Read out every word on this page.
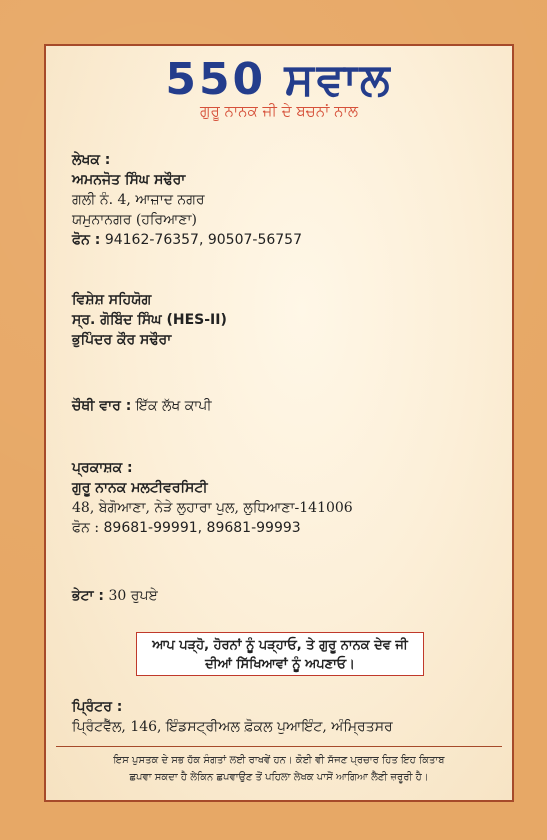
550 ਸਵਾਲ
ਗੁਰੂ ਨਾਨਕ ਜੀ ਦੇ ਬਚਨਾਂ ਨਾਲ
ਲੇਖਕ :
ਅਮਨਜੋਤ ਸਿੰਘ ਸਢੌਰਾ
ਗਲੀ ਨੰ. 4, ਆਜ਼ਾਦ ਨਗਰ
ਯਮੁਨਾਨਗਰ (ਹਰਿਆਣਾ)
ਫੋਨ : 94162-76357, 90507-56757
ਵਿਸ਼ੇਸ਼ ਸਹਿਯੋਗ
ਸ੍ਰ. ਗੋਬਿੰਦ ਸਿੰਘ (HES-II)
ਭੁਪਿੰਦਰ ਕੌਰ ਸਢੌਰਾ
ਚੌਥੀ ਵਾਰ : ਇੱਕ ਲੱਖ ਕਾਪੀ
ਪ੍ਰਕਾਸ਼ਕ :
ਗੁਰੂ ਨਾਨਕ ਮਲਟੀਵਰਸਿਟੀ
48, ਬੇਗੋਆਣਾ, ਨੇੜੇ ਲੁਹਾਰਾ ਪੁਲ, ਲੁਧਿਆਣਾ-141006
ਫੋਨ : 89681-99991, 89681-99993
ਭੇਟਾ : 30 ਰੁਪਏ
ਆਪ ਪੜ੍ਹੋ, ਹੋਰਨਾਂ ਨੂੰ ਪੜ੍ਹਾਓ, ਤੇ ਗੁਰੂ ਨਾਨਕ ਦੇਵ ਜੀ
ਦੀਆਂ ਸਿੱਖਿਆਵਾਂ ਨੂੰ ਅਪਣਾਓ।
ਪ੍ਰਿੰਟਰ :
ਪ੍ਰਿੰਟਵੈੱਲ, 146, ਇੰਡਸਟ੍ਰੀਅਲ ਫ਼ੋਕਲ ਪੁਆਇੰਟ, ਅੰਮ੍ਰਿਤਸਰ
ਇਸ ਪੁਸਤਕ ਦੇ ਸਭ ਹੱਕ ਸੰਗਤਾਂ ਲਈ ਰਾਖਵੇਂ ਹਨ। ਕੋਈ ਵੀ ਸੱਜਣ ਪ੍ਰਚਾਰ ਹਿਤ ਇਹ ਕਿਤਾਬ
ਛਪਵਾ ਸਕਦਾ ਹੈ ਲੇਕਿਨ ਛਪਵਾਉਣ ਤੋਂ ਪਹਿਲਾ ਲੇਖਕ ਪਾਸੋਂ ਆਗਿਆ ਲੈਣੀ ਜ਼ਰੂਰੀ ਹੈ।
